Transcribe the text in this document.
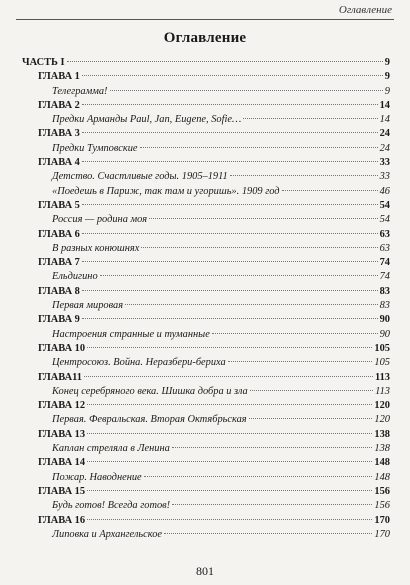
Оглавление
Оглавление
ЧАСТЬ I	9
ГЛАВА 1	9
Телеграмма!	9
ГЛАВА 2	14
Предки Арманды Paul, Jan, Eugene, Sofie…	14
ГЛАВА 3	24
Предки Тумповские	24
ГЛАВА 4	33
Детство. Счастливые годы. 1905–1911	33
«Поедешь в Париж, так там и угоришь». 1909 год	46
ГЛАВА 5	54
Россия — родина моя	54
ГЛАВА 6	63
В разных конюшнях	63
ГЛАВА 7	74
Ельдигино	74
ГЛАВА 8	83
Первая мировая	83
ГЛАВА 9	90
Настроения странные и туманные	90
ГЛАВА 10	105
Центросоюз. Война. Неразбери-бериха	105
ГЛАВА11	113
Конец серебряного века. Шишка добра и зла	113
ГЛАВА 12	120
Первая. Февральская. Вторая Октябрьская	120
ГЛАВА 13	138
Каплан стреляла в Ленина	138
ГЛАВА 14	148
Пожар. Наводнение	148
ГЛАВА 15	156
Будь готов! Всегда готов!	156
ГЛАВА 16	170
Липовка и Архангельское	170
801
